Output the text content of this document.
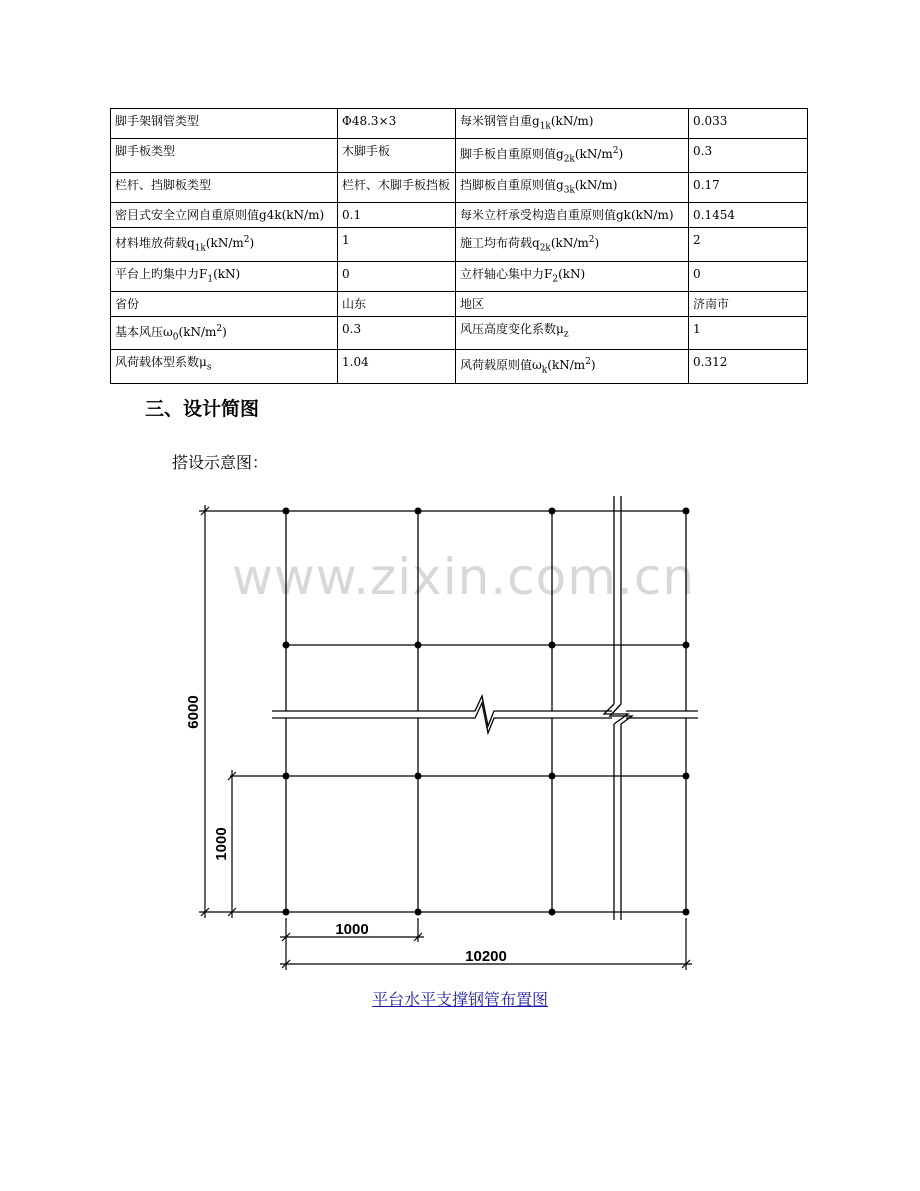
脚手架钢管类型	Φ48.3×3	每米钢管自重$g_{1k}(kN/m)$	0.033
脚手板类型	木脚手板	脚手板自重原则值$g_{2k}(kN/m^2)$	0.3
栏杆、挡脚板类型	栏杆、木脚手板挡板	挡脚板自重原则值$g_{3k}(kN/m)$	0.17
密目式安全立网自重原则值g4k(kN/m)	0.1	每米立杆承受构造自重原则值gk(kN/m)	0.1454
材料堆放荷载$q_{1k}(kN/m^2)$	1	施工均布荷载$q_{2k}(kN/m^2)$	2
平台上旳集中力$F_1(kN)$	0	立杆轴心集中力$F_2(kN)$	0
省份	山东	地区	济南市
基本风压$\omega_0(kN/m^2)$	0.3	风压高度变化系数$\mu_z$	1
风荷载体型系数$\mu_s$	1.04	风荷载原则值$\omega_k(kN/m^2)$	0.312
三、设计简图
搭设示意图：
www.zixin.com.cn
6000
1000
1000
10200
平台水平支撑钢管布置图
